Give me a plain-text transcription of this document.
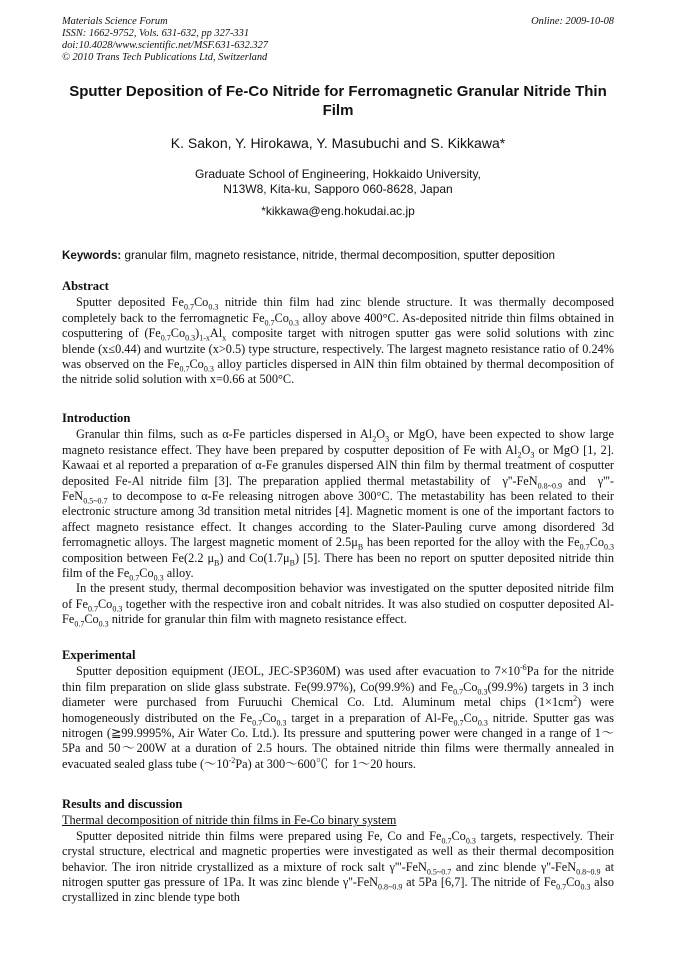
Materials Science Forum
ISSN: 1662-9752, Vols. 631-632, pp 327-331
doi:10.4028/www.scientific.net/MSF.631-632.327
© 2010 Trans Tech Publications Ltd, Switzerland
Online: 2009-10-08
Sputter Deposition of Fe-Co Nitride for Ferromagnetic Granular Nitride Thin Film
K. Sakon, Y. Hirokawa, Y. Masubuchi and S. Kikkawa*
Graduate School of Engineering, Hokkaido University,
N13W8, Kita-ku, Sapporo 060-8628, Japan
*kikkawa@eng.hokudai.ac.jp
Keywords: granular film, magneto resistance, nitride, thermal decomposition, sputter deposition
Abstract

Sputter deposited $Fe_{0.7}Co_{0.3}$ nitride thin film had zinc blende structure. It was thermally decomposed completely back to the ferromagnetic $Fe_{0.7}Co_{0.3}$ alloy above 400°C. As-deposited nitride thin films obtained in cosputtering of $(Fe_{0.7}Co_{0.3})_{1-x}Al_x$ composite target with nitrogen sputter gas were solid solutions with zinc blende (x≤0.44) and wurtzite (x>0.5) type structure, respectively. The largest magneto resistance ratio of 0.24% was observed on the $Fe_{0.7}Co_{0.3}$ alloy particles dispersed in AlN thin film obtained by thermal decomposition of the nitride solid solution with x=0.66 at 500°C.

Introduction

Granular thin films, such as α-Fe particles dispersed in $Al_2O_3$ or MgO, have been expected to show large magneto resistance effect. They have been prepared by cosputter deposition of Fe with $Al_2O_3$ or MgO [1, 2]. Kawaai et al reported a preparation of α-Fe granules dispersed AlN thin film by thermal treatment of cosputter deposited Fe-Al nitride film [3]. The preparation applied thermal metastability of  γ''-FeN$_{0.8\sim 0.9}$ and  γ'''-FeN$_{0.5\sim 0.7}$ to decompose to α-Fe releasing nitrogen above 300°C. The metastability has been related to their electronic structure among 3d transition metal nitrides [4]. Magnetic moment is one of the important factors to affect magneto resistance effect. It changes according to the Slater-Pauling curve among disordered 3d ferromagnetic alloys. The largest magnetic moment of $2.5\mu_B$ has been reported for the alloy with the $Fe_{0.7}Co_{0.3}$ composition between Fe(2.2 $\mu_B$) and $Co(1.7\mu_B)$ [5]. There has been no report on sputter deposited nitride thin film of the $Fe_{0.7}Co_{0.3}$ alloy.

In the present study, thermal decomposition behavior was investigated on the sputter deposited nitride film of $Fe_{0.7}Co_{0.3}$ together with the respective iron and cobalt nitrides. It was also studied on cosputter deposited $Al-Fe_{0.7}Co_{0.3}$ nitride for granular thin film with magneto resistance effect.

Experimental

Sputter deposition equipment (JEOL, JEC-SP360M) was used after evacuation to $7\times 10^{-6}Pa$ for the nitride thin film preparation on slide glass substrate. Fe(99.97%), Co(99.9%) and $Fe_{0.7}Co_{0.3}(99.9\%)$ targets in 3 inch diameter were purchased from Furuuchi Chemical Co. Ltd. Aluminum metal chips $(1\times 1cm^2)$ were homogeneously distributed on the $Fe_{0.7}Co_{0.3}$ target in a preparation of $Al-Fe_{0.7}Co_{0.3}$ nitride. Sputter gas was nitrogen (≧99.9995%, Air Water Co. Ltd.). Its pressure and sputtering power were changed in a range of 1～5Pa and 50～200W at a duration of 2.5 hours. The obtained nitride thin films were thermally annealed in evacuated sealed glass tube $(\sim 10^{-2}Pa)$ at 300～600℃  for 1～20 hours.

Results and discussion
Thermal decomposition of nitride thin films in Fe-Co binary system

Sputter deposited nitride thin films were prepared using Fe, Co and $Fe_{0.7}Co_{0.3}$ targets, respectively. Their crystal structure, electrical and magnetic properties were investigated as well as their thermal decomposition behavior. The iron nitride crystallized as a mixture of rock salt γ'''-FeN$_{0.5\sim 0.7}$ and zinc blende γ''-FeN$_{0.8\sim 0.9}$ at nitrogen sputter gas pressure of 1Pa. It was zinc blende γ''-FeN$_{0.8\sim 0.9}$ at 5Pa [6,7]. The nitride of $Fe_{0.7}Co_{0.3}$ also crystallized in zinc blende type both
